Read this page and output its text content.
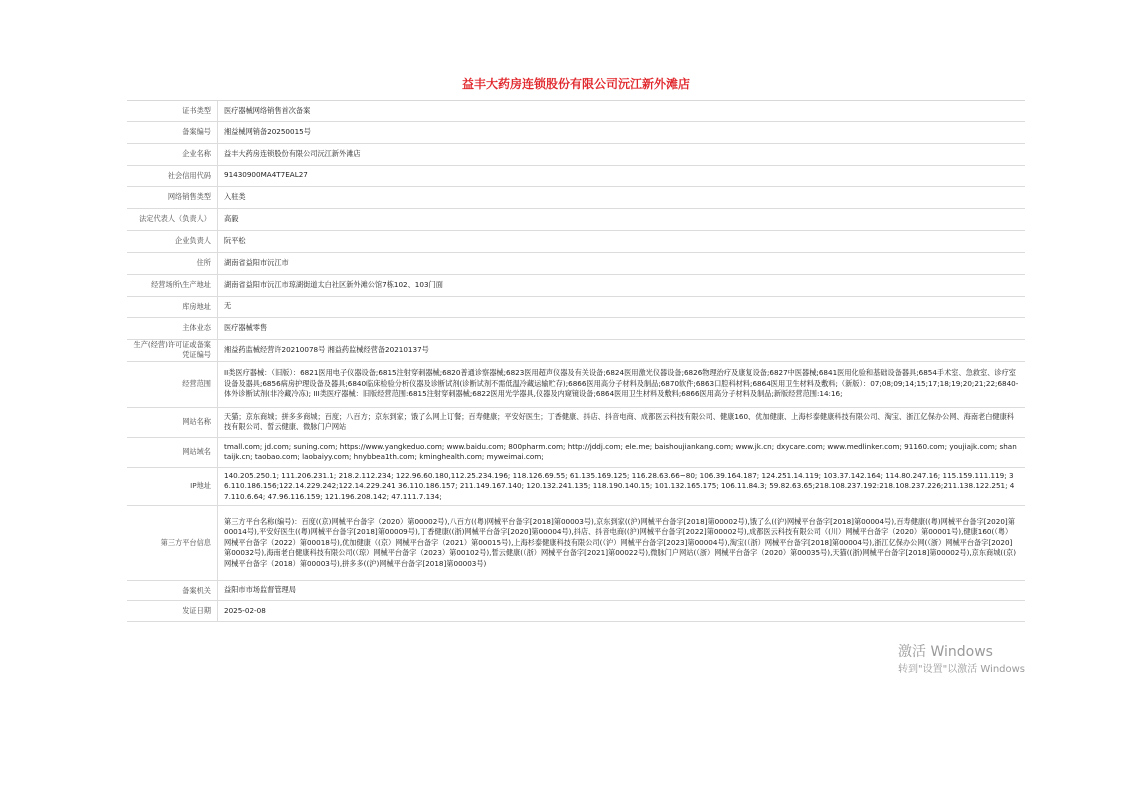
益丰大药房连锁股份有限公司沅江新外滩店
证书类型	医疗器械网络销售首次备案
备案编号	湘益械网销备20250015号
企业名称	益丰大药房连锁股份有限公司沅江新外滩店
社会信用代码	91430900MA4T7EAL27
网络销售类型	入驻类
法定代表人（负责人）	高毅
企业负责人	阮平松
住所	湖南省益阳市沅江市
经营场所\生产地址	湖南省益阳市沅江市琼湖街道太白社区新外滩公馆7栋102、103门面
库房地址	无
主体业态	医疗器械零售
生产(经营)许可证或备案凭证编号	湘益药监械经营许20210078号 湘益药监械经营备20210137号
经营范围	II类医疗器械：（旧版）：6821医用电子仪器设备;6815注射穿刺器械;6820普通诊察器械;6823医用超声仪器及有关设备;6824医用激光仪器设备;6826物理治疗及康复设备;6827中医器械;6841医用化验和基础设备器具;6854手术室、急救室、诊疗室设备及器具;6856病房护理设备及器具;6840临床检验分析仪器及诊断试剂(诊断试剂不需低温冷藏运输贮存);6866医用高分子材料及制品;6870软件;6863口腔科材料;6864医用卫生材料及敷料;（新版）：07;08;09;14;15;17;18;19;20;21;22;6840-体外诊断试剂(非冷藏冷冻); III类医疗器械：旧版经营范围:6815注射穿刺器械;6822医用光学器具,仪器及内窥镜设备;6864医用卫生材料及敷料;6866医用高分子材料及制品;新版经营范围:14:16;
网站名称	天猫；京东商城；拼多多商城；百度；八百方；京东到家；饿了么网上订餐；百寿健康；平安好医生；丁香健康、抖店、抖音电商、成都医云科技有限公司、健康160、优加健康、上海杉泰健康科技有限公司、淘宝、浙江亿保办公网、海南老白健康科技有限公司、皙云健康、微脉门户网站
网站域名	tmall.com; jd.com; suning.com; https://www.yangkeduo.com; www.baidu.com; 800pharm.com; http://jddj.com; ele.me; baishoujiankang.com; www.jk.cn; dxycare.com; www.medlinker.com; 91160.com; youjiajk.com; shantaijk.cn; taobao.com; laobaiyy.com; hnybbea1th.com; kminghealth.com; myweimai.com;
IP地址	140.205.250.1; 111.206.231.1; 218.2.112.234; 122.96.60.180,112.25.234.196; 118.126.69.55; 61.135.169.125; 116.28.63.66~80; 106.39.164.187; 124.251.14.119; 103.37.142.164; 114.80.247.16; 115.159.111.119; 36.110.186.156;122.14.229.242;122.14.229.241 36.110.186.157; 211.149.167.140; 120.132.241.135; 118.190.140.15; 101.132.165.175; 106.11.84.3; 59.82.63.65;218.108.237.192:218.108.237.226;211.138.122.251; 47.110.6.64; 47.96.116.159; 121.196.208.142; 47.111.7.134;
第三方平台信息	第三方平台名称(编号)：百度((京)网械平台备字（2020）第00002号),八百方((粤)网械平台备字[2018]第00003号),京东到家((沪)网械平台备字[2018]第00002号),饿了么((沪)网械平台备字[2018]第00004号),百寿健康((粤)网械平台备字[2020]第00014号),平安好医生((粤)网械平台备字[2018]第00009号),丁香健康((浙)网械平台备字[2020]第00004号),抖店、抖音电商((沪)网械平台备字[2022]第00002号),成都医云科技有限公司（(川）网械平台备字（2020）第00001号),健康160(（粤）网械平台备字（2022）第00018号),优加健康（(京）网械平台备字（2021）第00015号),上海杉泰健康科技有限公司(（沪）网械平台备字[2023]第00004号),淘宝(（浙）网械平台备字[2018]第00004号),浙江亿保办公网(（浙）网械平台备字[2020]第00032号),海南老白健康科技有限公司(（琼）网械平台备字（2023）第00102号),皙云健康(（浙）网械平台备字[2021]第00022号),微脉门户网站(（浙）网械平台备字（2020）第00035号),天猫((浙)网械平台备字[2018]第00002号),京东商城((京)网械平台备字（2018）第00003号),拼多多((沪)网械平台备字[2018]第00003号)
备案机关	益阳市市场监督管理局
发证日期	2025-02-08
激活 Windows
转到"设置"以激活 Windows
